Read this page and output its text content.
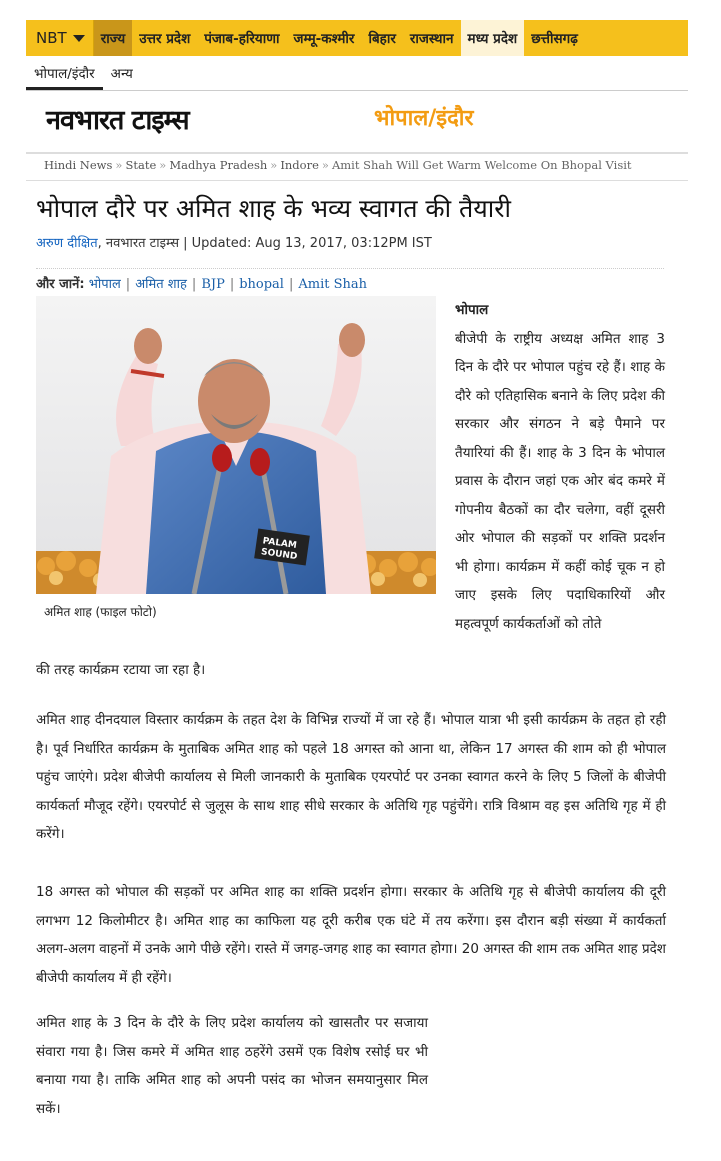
NBT	राज्य	उत्तर प्रदेश	पंजाब-हरियाणा	जम्मू-कश्मीर	बिहार	राजस्थान	मध्य प्रदेश	छत्तीसगढ़
भोपाल/इंदौर	अन्य
नवभारत टाइम्स	भोपाल/इंदौर
Hindi News » State » Madhya Pradesh » Indore » Amit Shah Will Get Warm Welcome On Bhopal Visit
भोपाल दौरे पर अमित शाह के भव्य स्वागत की तैयारी
अरुण दीक्षित, नवभारत टाइम्स | Updated: Aug 13, 2017, 03:12PM IST
और जानें: भोपाल | अमित शाह | BJP | bhopal | Amit Shah
PALAM
SOUND
अमित शाह (फाइल फोटो)
भोपाल
बीजेपी के राष्ट्रीय अध्यक्ष अमित शाह 3 दिन के दौरे पर भोपाल पहुंच रहे हैं। शाह के दौरे को एतिहासिक बनाने के लिए प्रदेश की सरकार और संगठन ने बड़े पैमाने पर तैयारियां की हैं। शाह के 3 दिन के भोपाल प्रवास के दौरान जहां एक ओर बंद कमरे में गोपनीय बैठकों का दौर चलेगा, वहीं दूसरी ओर भोपाल की सड़कों पर शक्ति प्रदर्शन भी होगा। कार्यक्रम में कहीं कोई चूक न हो जाए इसके लिए पदाधिकारियों और महत्वपूर्ण कार्यकर्ताओं को तोते
की तरह कार्यक्रम रटाया जा रहा है।
अमित शाह दीनदयाल विस्तार कार्यक्रम के तहत देश के विभिन्न राज्यों में जा रहे हैं। भोपाल यात्रा भी इसी कार्यक्रम के तहत हो रही है। पूर्व निर्धारित कार्यक्रम के मुताबिक अमित शाह को पहले 18 अगस्त को आना था, लेकिन 17 अगस्त की शाम को ही भोपाल पहुंच जाएंगे। प्रदेश बीजेपी कार्यालय से मिली जानकारी के मुताबिक एयरपोर्ट पर उनका स्वागत करने के लिए 5 जिलों के बीजेपी कार्यकर्ता मौजूद रहेंगे। एयरपोर्ट से जुलूस के साथ शाह सीधे सरकार के अतिथि गृह पहुंचेंगे। रात्रि विश्राम वह इस अतिथि गृह में ही करेंगे।
18 अगस्त को भोपाल की सड़कों पर अमित शाह का शक्ति प्रदर्शन होगा। सरकार के अतिथि गृह से बीजेपी कार्यालय की दूरी लगभग 12 किलोमीटर है। अमित शाह का काफिला यह दूरी करीब एक घंटे में तय करेंगा। इस दौरान बड़ी संख्या में कार्यकर्ता अलग-अलग वाहनों में उनके आगे पीछे रहेंगे। रास्ते में जगह-जगह शाह का स्वागत होगा। 20 अगस्त की शाम तक अमित शाह प्रदेश बीजेपी कार्यालय में ही रहेंगे।
अमित शाह के 3 दिन के दौरे के लिए प्रदेश कार्यालय को खासतौर पर सजाया संवारा गया है। जिस कमरे में अमित शाह ठहरेंगे उसमें एक विशेष रसोई घर भी बनाया गया है। ताकि अमित शाह को अपनी पसंद का भोजन समयानुसार मिल सकें।
